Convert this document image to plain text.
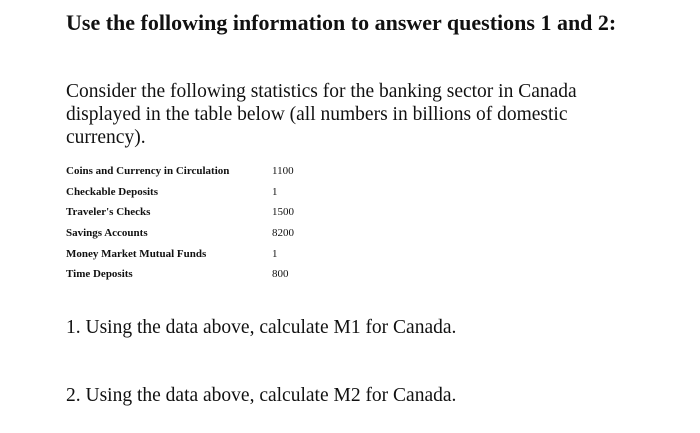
Use the following information to answer questions 1 and 2:

Consider the following statistics for the banking sector in Canada displayed in the table below (all numbers in billions of domestic currency).

Coins and Currency in Circulation	1100
Checkable Deposits	1
Traveler's Checks	1500
Savings Accounts	8200
Money Market Mutual Funds	1
Time Deposits	800

1. Using the data above, calculate M1 for Canada.

2. Using the data above, calculate M2 for Canada.
